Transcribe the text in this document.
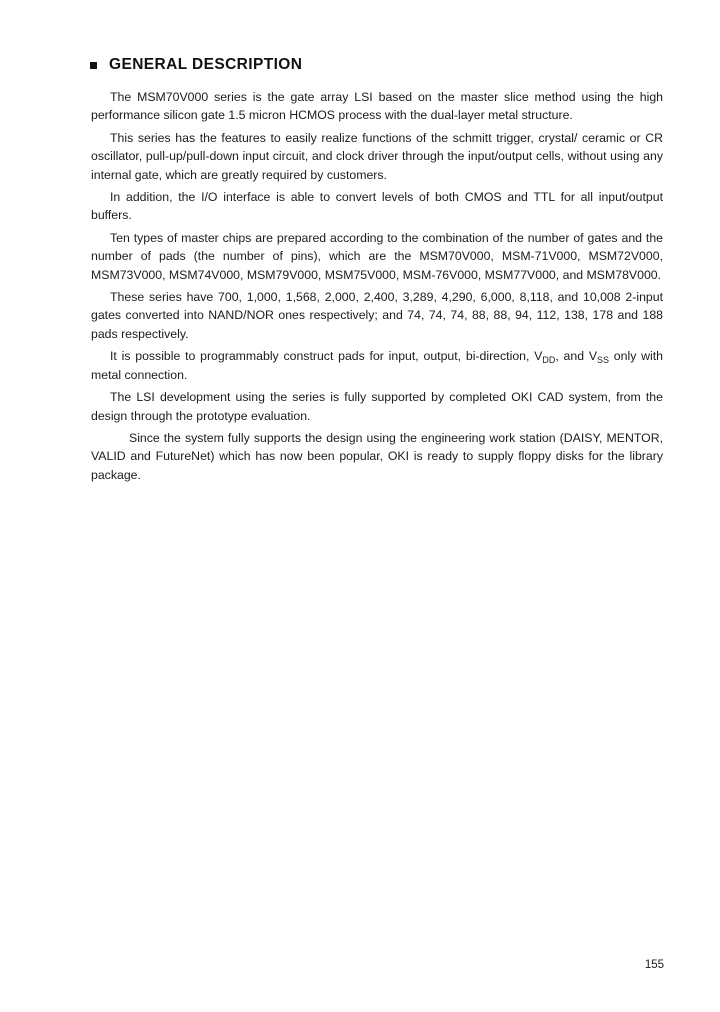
GENERAL DESCRIPTION

The MSM70V000 series is the gate array LSI based on the master slice method using the high performance silicon gate 1.5 micron HCMOS process with the dual-layer metal structure.

This series has the features to easily realize functions of the schmitt trigger, crystal/ ceramic or CR oscillator, pull-up/pull-down input circuit, and clock driver through the input/output cells, without using any internal gate, which are greatly required by customers.

In addition, the I/O interface is able to convert levels of both CMOS and TTL for all input/output buffers.

Ten types of master chips are prepared according to the combination of the number of gates and the number of pads (the number of pins), which are the MSM70V000, MSM-71V000, MSM72V000, MSM73V000, MSM74V000, MSM79V000, MSM75V000, MSM-76V000, MSM77V000, and MSM78V000.

These series have 700, 1,000, 1,568, 2,000, 2,400, 3,289, 4,290, 6,000, 8,118, and 10,008 2-input gates converted into NAND/NOR ones respectively; and 74, 74, 74, 88, 88, 94, 112, 138, 178 and 188 pads respectively.

It is possible to programmably construct pads for input, output, bi-direction, $V_{DD}$, and $V_{SS}$ only with metal connection.

The LSI development using the series is fully supported by completed OKI CAD system, from the design through the prototype evaluation.

Since the system fully supports the design using the engineering work station (DAISY, MENTOR, VALID and FutureNet) which has now been popular, OKI is ready to supply floppy disks for the library package.

155
